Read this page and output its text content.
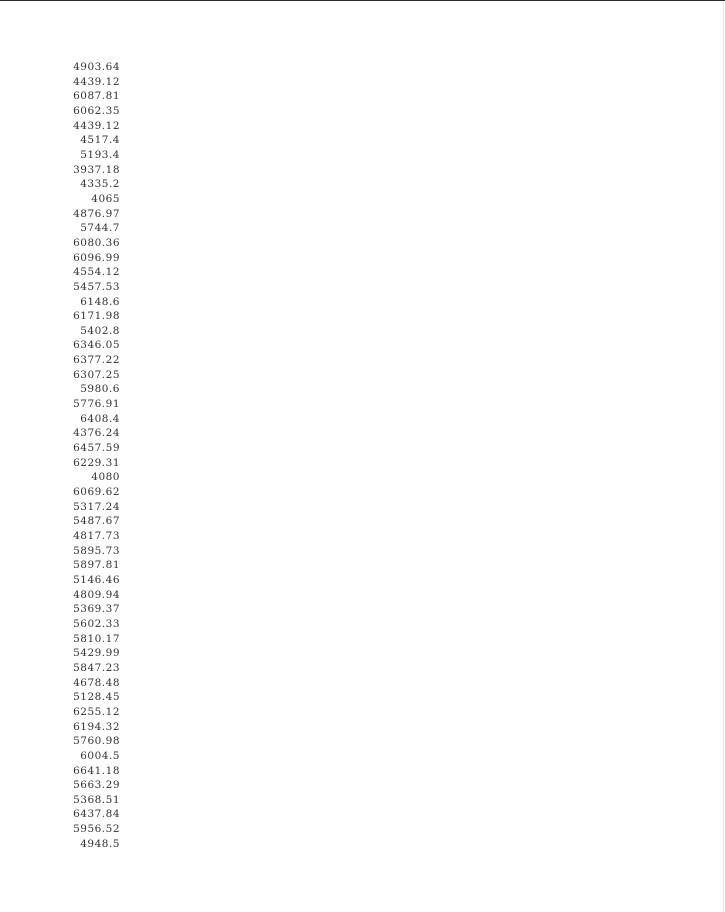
4903.64
4439.12
6087.81
6062.35
4439.12
4517.4
5193.4
3937.18
4335.2
4065
4876.97
5744.7
6080.36
6096.99
4554.12
5457.53
6148.6
6171.98
5402.8
6346.05
6377.22
6307.25
5980.6
5776.91
6408.4
4376.24
6457.59
6229.31
4080
6069.62
5317.24
5487.67
4817.73
5895.73
5897.81
5146.46
4809.94
5369.37
5602.33
5810.17
5429.99
5847.23
4678.48
5128.45
6255.12
6194.32
5760.98
6004.5
6641.18
5663.29
5368.51
6437.84
5956.52
4948.5
